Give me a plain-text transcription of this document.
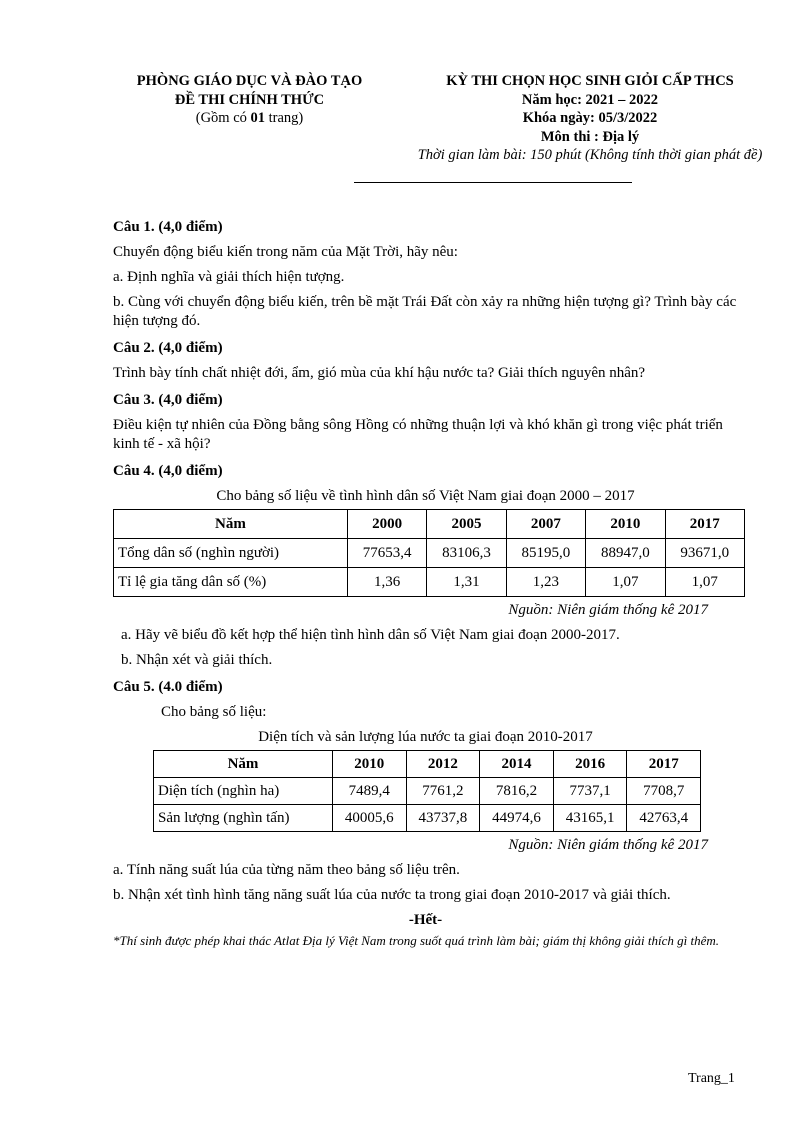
PHÒNG GIÁO DỤC VÀ ĐÀO TẠO
ĐỀ THI CHÍNH THỨC
(Gồm có 01 trang)
KỲ THI CHỌN HỌC SINH GIỎI CẤP THCS
Năm học: 2021 – 2022
Khóa ngày: 05/3/2022
Môn thi : Địa lý
Thời gian làm bài: 150 phút (Không tính thời gian phát đề)
Câu 1. (4,0 điểm)

Chuyển động biểu kiến trong năm của Mặt Trời, hãy nêu:

a. Định nghĩa và giải thích hiện tượng.

b. Cùng với chuyển động biểu kiến, trên bề mặt Trái Đất còn xảy ra những hiện tượng gì? Trình bày các hiện tượng đó.

Câu 2. (4,0 điểm)

Trình bày tính chất nhiệt đới, ẩm, gió mùa của khí hậu nước ta? Giải thích nguyên nhân?

Câu 3. (4,0 điểm)

Điều kiện tự nhiên của Đồng bằng sông Hồng có những thuận lợi và khó khăn gì trong việc phát triển kinh tế - xã hội?

Câu 4. (4,0 điểm)
Cho bảng số liệu về tình hình dân số Việt Nam giai đoạn 2000 – 2017
Năm	2000	2005	2007	2010	2017
Tổng dân số (nghìn người)	77653,4	83106,3	85195,0	88947,0	93671,0
Tỉ lệ gia tăng dân số (%)	1,36	1,31	1,23	1,07	1,07
Nguồn: Niên giám thống kê 2017

a. Hãy vẽ biểu đồ kết hợp thể hiện tình hình dân số Việt Nam giai đoạn 2000-2017.

b. Nhận xét và giải thích.

Câu 5. (4.0 điểm)

Cho bảng số liệu:

Diện tích và sản lượng lúa nước ta giai đoạn 2010-2017
Năm	2010	2012	2014	2016	2017
Diện tích (nghìn ha)	7489,4	7761,2	7816,2	7737,1	7708,7
Sản lượng (nghìn tấn)	40005,6	43737,8	44974,6	43165,1	42763,4
Nguồn: Niên giám thống kê 2017

a. Tính năng suất lúa của từng năm theo bảng số liệu trên.

b. Nhận xét tình hình tăng năng suất lúa của nước ta trong giai đoạn 2010-2017 và giải thích.

-Hết-
*Thí sinh được phép khai thác Atlat Địa lý Việt Nam trong suốt quá trình làm bài; giám thị không giải thích gì thêm.
Trang_1
